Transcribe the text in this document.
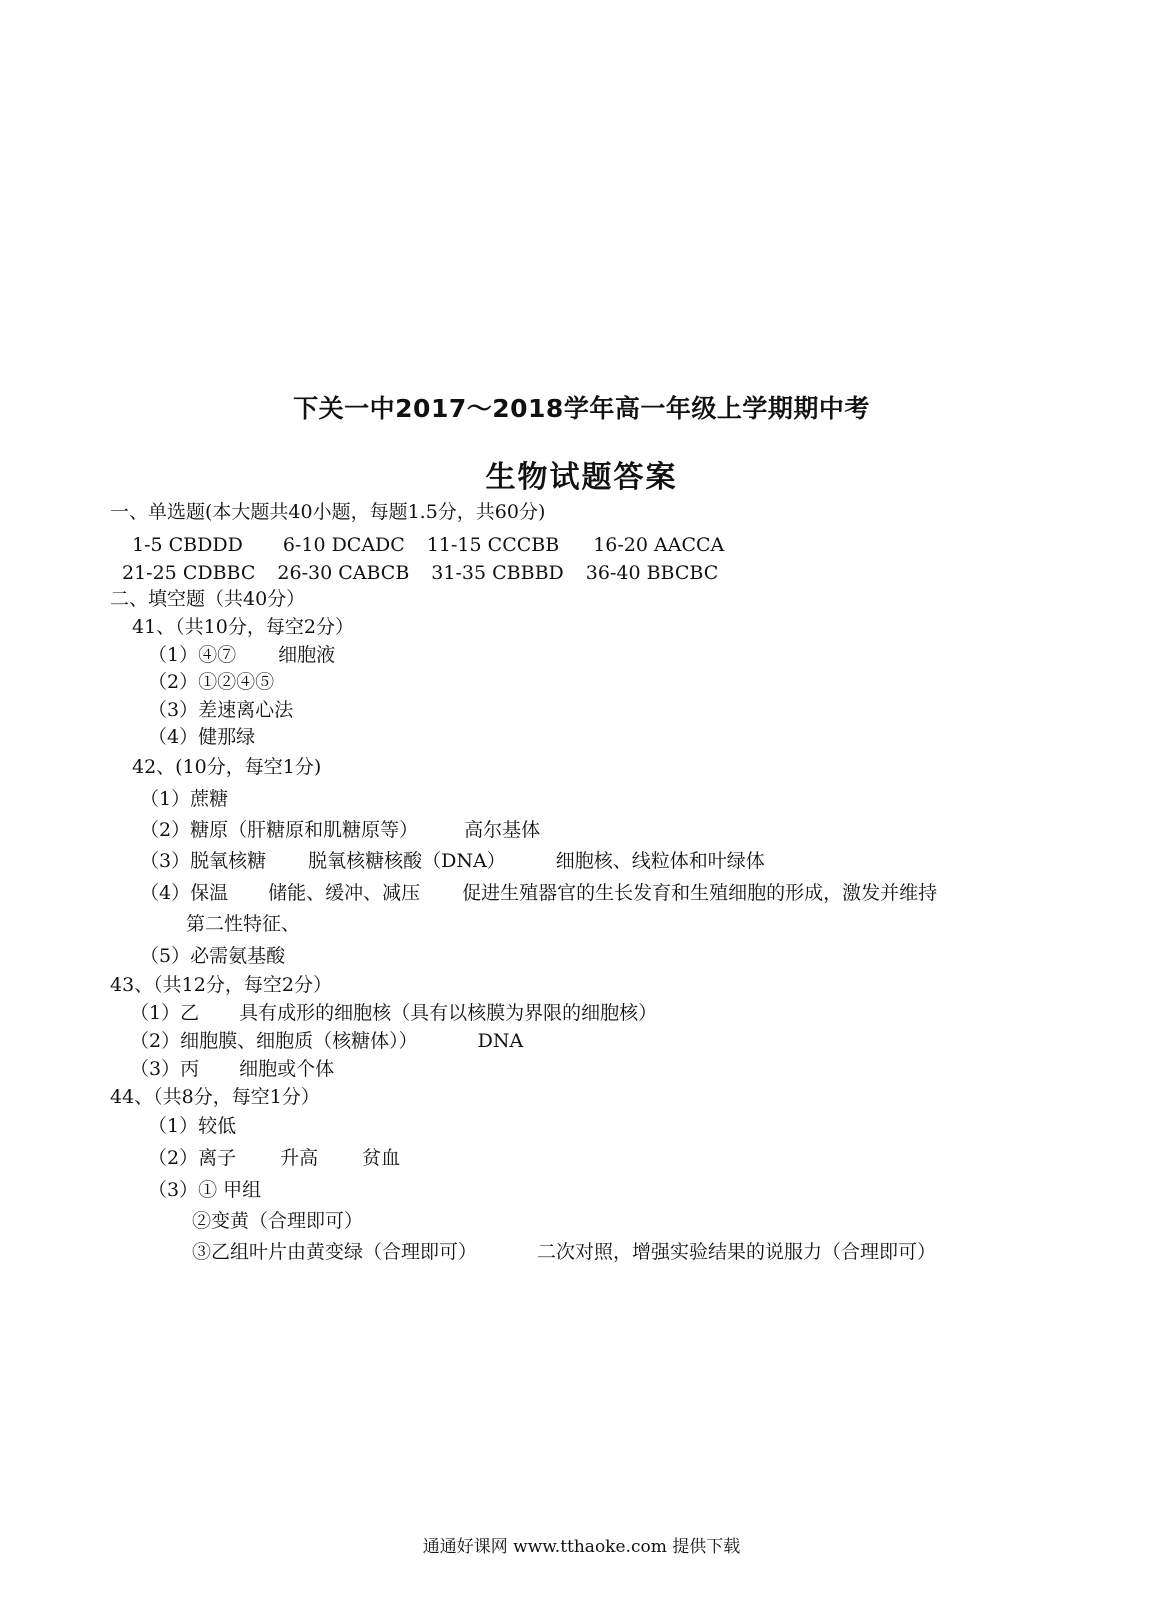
下关一中2017～2018学年高一年级上学期期中考
生物试题答案
一、单选题(本大题共40小题，每题1.5分，共60分)
1-5 CBDDD 6-10 DCADC 11-15 CCCBB 16-20 AACCA
21-25 CDBBC 26-30 CABCB 31-35 CBBBD 36-40 BBCBC
二、填空题（共40分）
41、（共10分，每空2分）
（1）④⑦ 细胞液
（2）①②④⑤
（3）差速离心法
（4）健那绿
42、(10分，每空1分)
（1）蔗糖
（2）糖原（肝糖原和肌糖原等） 高尔基体
（3）脱氧核糖 脱氧核糖核酸（DNA）	细胞核、线粒体和叶绿体
（4）保温 储能、缓冲、减压 促进生殖器官的生长发育和生殖细胞的形成，激发并维持
第二性特征、
（5）必需氨基酸
43、（共12分，每空2分）
（1）乙 具有成形的细胞核（具有以核膜为界限的细胞核）
（2）细胞膜、细胞质（核糖体））	DNA
（3）丙 细胞或个体
44、（共8分，每空1分）
（1）较低
（2）离子 升高 贫血
（3）① 甲组
②变黄（合理即可）
③乙组叶片由黄变绿（合理即可）	二次对照，增强实验结果的说服力（合理即可）
通通好课网 www.tthaoke.com 提供下载
